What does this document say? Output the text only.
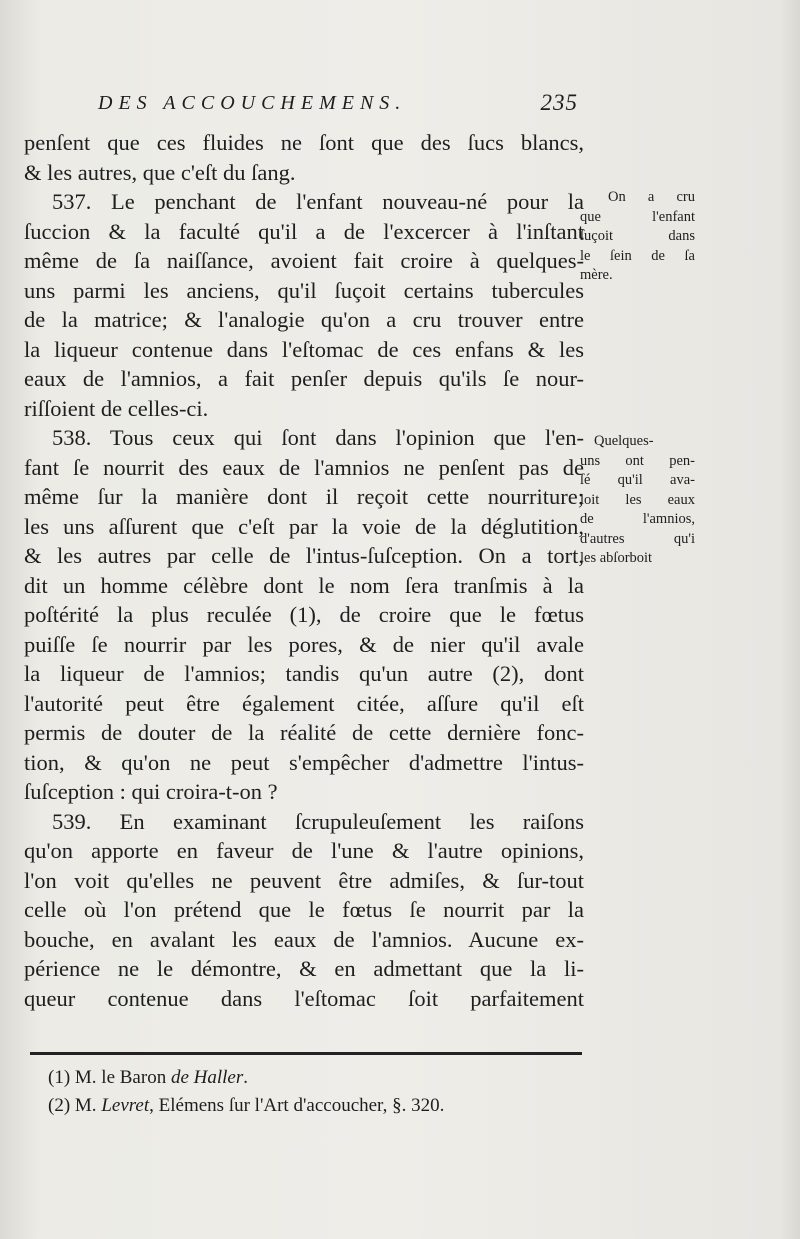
DES ACCOUCHEMENS.	235
penſent que ces fluides ne ſont que des ſucs blancs,
& les autres, que c'eſt du ſang.
537. Le penchant de l'enfant nouveau-né pour la
ſuccion & la faculté qu'il a de l'excercer à l'inſtant
même de ſa naiſſance, avoient fait croire à quelques-
uns parmi les anciens, qu'il ſuçoit certains tubercules
de la matrice; & l'analogie qu'on a cru trouver entre
la liqueur contenue dans l'eſtomac de ces enfans & les
eaux de l'amnios, a fait penſer depuis qu'ils ſe nour-
riſſoient de celles-ci.
538. Tous ceux qui ſont dans l'opinion que l'en-
fant ſe nourrit des eaux de l'amnios ne penſent pas de
même ſur la manière dont il reçoit cette nourriture;
les uns aſſurent que c'eſt par la voie de la déglutition,
& les autres par celle de l'intus-ſuſception. On a tort,
dit un homme célèbre dont le nom ſera tranſmis à la
poſtérité la plus reculée (1), de croire que le fœtus
puiſſe ſe nourrir par les pores, & de nier qu'il avale
la liqueur de l'amnios; tandis qu'un autre (2), dont
l'autorité peut être également citée, aſſure qu'il eſt
permis de douter de la réalité de cette dernière fonc-
tion, & qu'on ne peut s'empêcher d'admettre l'intus-
ſuſception : qui croira-t-on ?
539. En examinant ſcrupuleuſement les raiſons
qu'on apporte en faveur de l'une & l'autre opinions,
l'on voit qu'elles ne peuvent être admiſes, & ſur-tout
celle où l'on prétend que le fœtus ſe nourrit par la
bouche, en avalant les eaux de l'amnios. Aucune ex-
périence ne le démontre, & en admettant que la li-
queur contenue dans l'eſtomac ſoit parfaitement
On a cru
que l'enfant
ſuçoit dans
le ſein de ſa
mère.
Quelques-
uns ont pen-
ſé qu'il ava-
loit les eaux
de l'amnios,
d'autres qu'i
les abſorboit
(1) M. le Baron de Haller.
(2) M. Levret, Elémens ſur l'Art d'accoucher, §. 320.
